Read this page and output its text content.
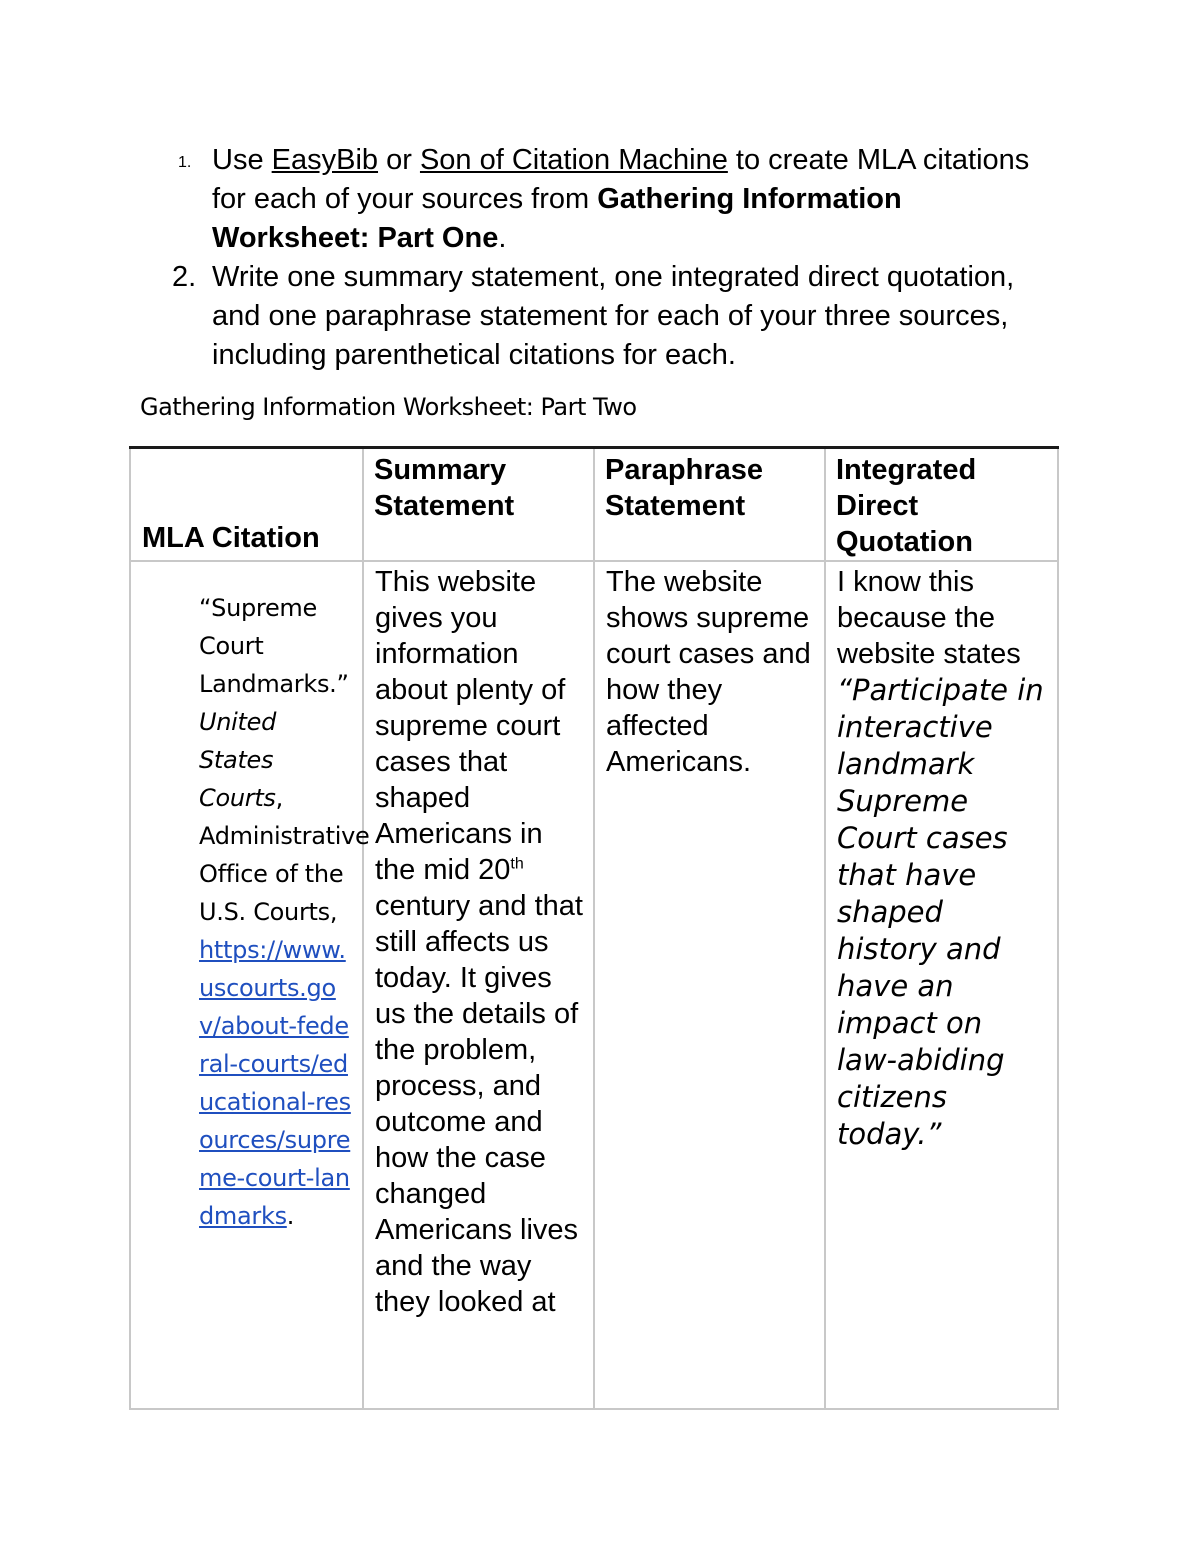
1. Use EasyBib or Son of Citation Machine to create MLA citations for each of your sources from Gathering Information Worksheet: Part One.
2. Write one summary statement, one integrated direct quotation, and one paraphrase statement for each of your three sources, including parenthetical citations for each.
Gathering Information Worksheet: Part Two
MLA Citation	Summary Statement	Paraphrase Statement	Integrated Direct Quotation

“Supreme Court Landmarks.” United States Courts, Administrative Office of the U.S. Courts, https://www.uscourts.gov/about-federal-courts/educational-resources/supreme-court-landmarks.	This website gives you information about plenty of supreme court cases that shaped Americans in the mid 20th century and that still affects us today. It gives us the details of the problem, process, and outcome and how the case changed Americans lives and the way they looked at	The website shows supreme court cases and how they affected Americans.	I know this because the website states “Participate in interactive landmark Supreme Court cases that have shaped history and have an impact on law-abiding citizens today.”
